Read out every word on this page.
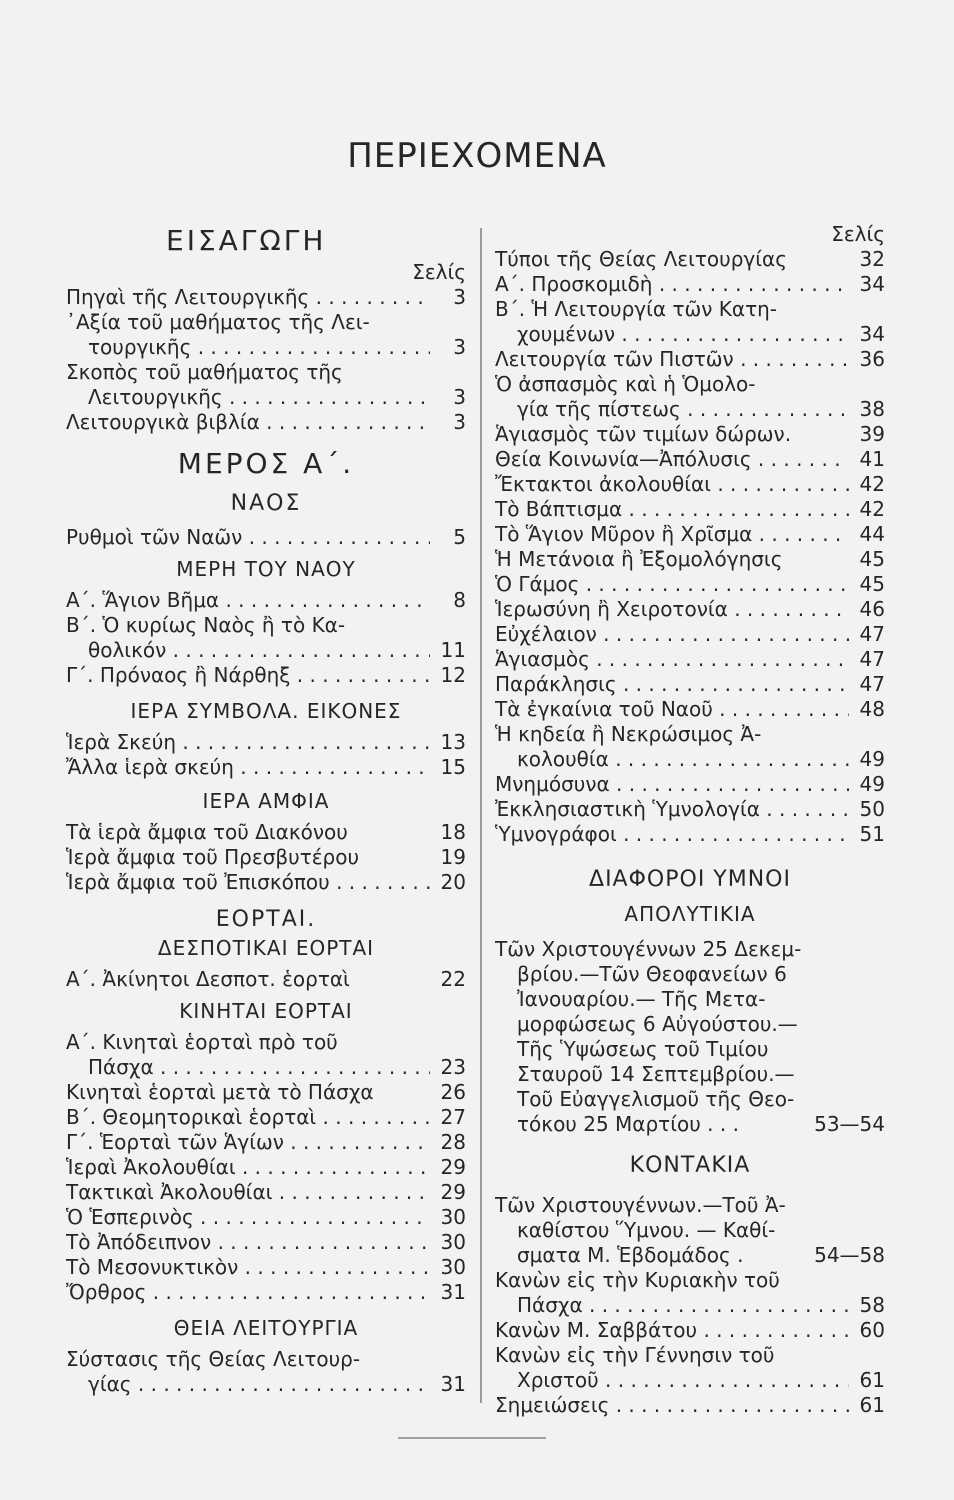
ΠΕΡΙΕΧΟΜΕΝΑ
ΕΙΣΑΓΩΓΗ
Σελίς
Πηγαὶ τῆς Λειτουργικῆς . . .	3
᾿Αξία τοῦ μαθήματος τῆς Λει-
τουργικῆς . . .	3
Σκοπὸς τοῦ μαθήματος τῆς
Λειτουργικῆς . . .	3
Λειτουργικὰ βιβλία . . .	3
ΜΕΡΟΣ Α΄.
ΝΑΟΣ
Ρυθμοὶ τῶν Ναῶν . . .	5
ΜΕΡΗ ΤΟΥ ΝΑΟΥ
Α΄. Ἅγιον Βῆμα . . .	8
Β΄. Ὁ κυρίως Ναὸς ἢ τὸ Κα-
θολικόν . . .	11
Γ΄. Πρόναος ἢ Νάρθηξ . . .	12
ΙΕΡΑ ΣΥΜΒΟΛΑ. ΕΙΚΟΝΕΣ
Ἱερὰ Σκεύη . . .	13
Ἄλλα ἱερὰ σκεύη . . .	15
ΙΕΡΑ ΑΜΦΙΑ
Τὰ ἱερὰ ἄμφια τοῦ Διακόνου	18
Ἱερὰ ἄμφια τοῦ Πρεσβυτέρου	19
Ἱερὰ ἄμφια τοῦ Ἐπισκόπου . . .	20
ΕΟΡΤΑΙ.
ΔΕΣΠΟΤΙΚΑΙ ΕΟΡΤΑΙ
Α΄. Ἀκίνητοι Δεσποτ. ἑορταὶ	22
ΚΙΝΗΤΑΙ ΕΟΡΤΑΙ
Α΄. Κινηταὶ ἑορταὶ πρὸ τοῦ
Πάσχα . . .	23
Κινηταὶ ἑορταὶ μετὰ τὸ Πάσχα	26
Β΄. Θεομητορικαὶ ἑορταὶ . . .	27
Γ΄. Ἑορταὶ τῶν Ἁγίων . . .	28
Ἱεραὶ Ἀκολουθίαι . . .	29
Τακτικαὶ Ἀκολουθίαι . . .	29
Ὁ Ἑσπερινὸς . . .	30
Τὸ Ἀπόδειπνον . . .	30
Τὸ Μεσονυκτικὸν . . .	30
Ὄρθρος . . .	31
ΘΕΙΑ ΛΕΙΤΟΥΡΓΙΑ
Σύστασις τῆς Θείας Λειτουρ-
γίας . . .	31
Σελίς
Τύποι τῆς Θείας Λειτουργίας	32
Α΄. Προσκομιδὴ . . .	34
Β΄. Ἡ Λειτουργία τῶν Κατη-
χουμένων . . .	34
Λειτουργία τῶν Πιστῶν . . .	36
Ὁ ἀσπασμὸς καὶ ἡ Ὁμολο-
γία τῆς πίστεως . . .	38
Ἁγιασμὸς τῶν τιμίων δώρων.	39
Θεία Κοινωνία—Ἀπόλυσις . . .	41
Ἔκτακτοι ἀκολουθίαι . . .	42
Τὸ Βάπτισμα . . .	42
Τὸ Ἅγιον Μῦρον ἢ Χρῖσμα . . .	44
Ἡ Μετάνοια ἢ Ἐξομολόγησις	45
Ὁ Γάμος . . .	45
Ἱερωσύνη ἢ Χειροτονία . . .	46
Εὐχέλαιον . . .	47
Ἁγιασμὸς . . .	47
Παράκλησις . . .	47
Τὰ ἐγκαίνια τοῦ Ναοῦ . . .	48
Ἡ κηδεία ἢ Νεκρώσιμος Ἀ-
κολουθία . . .	49
Μνημόσυνα . . .	49
Ἐκκλησιαστικὴ Ὑμνολογία . . .	50
Ὑμνογράφοι . . .	51
ΔΙΑΦΟΡΟΙ ΥΜΝΟΙ
ΑΠΟΛΥΤΙΚΙΑ
Τῶν Χριστουγέννων 25 Δεκεμ-
βρίου.—Τῶν Θεοφανείων 6
Ἰανουαρίου.— Τῆς Μετα-
μορφώσεως 6 Αὐγούστου.—
Τῆς Ὑψώσεως τοῦ Τιμίου
Σταυροῦ 14 Σεπτεμβρίου.—
Τοῦ Εὐαγγελισμοῦ τῆς Θεο-
τόκου 25 Μαρτίου . . .	53—54
ΚΟΝΤΑΚΙΑ
Τῶν Χριστουγέννων.—Τοῦ Ἀ-
καθίστου Ὕμνου. — Καθί-
σματα Μ. Ἑβδομάδος .	54—58
Κανὼν εἰς τὴν Κυριακὴν τοῦ
Πάσχα . . .	58
Κανὼν Μ. Σαββάτου . . .	60
Κανὼν εἰς τὴν Γέννησιν τοῦ
Χριστοῦ . . .	61
Σημειώσεις . . .	61
